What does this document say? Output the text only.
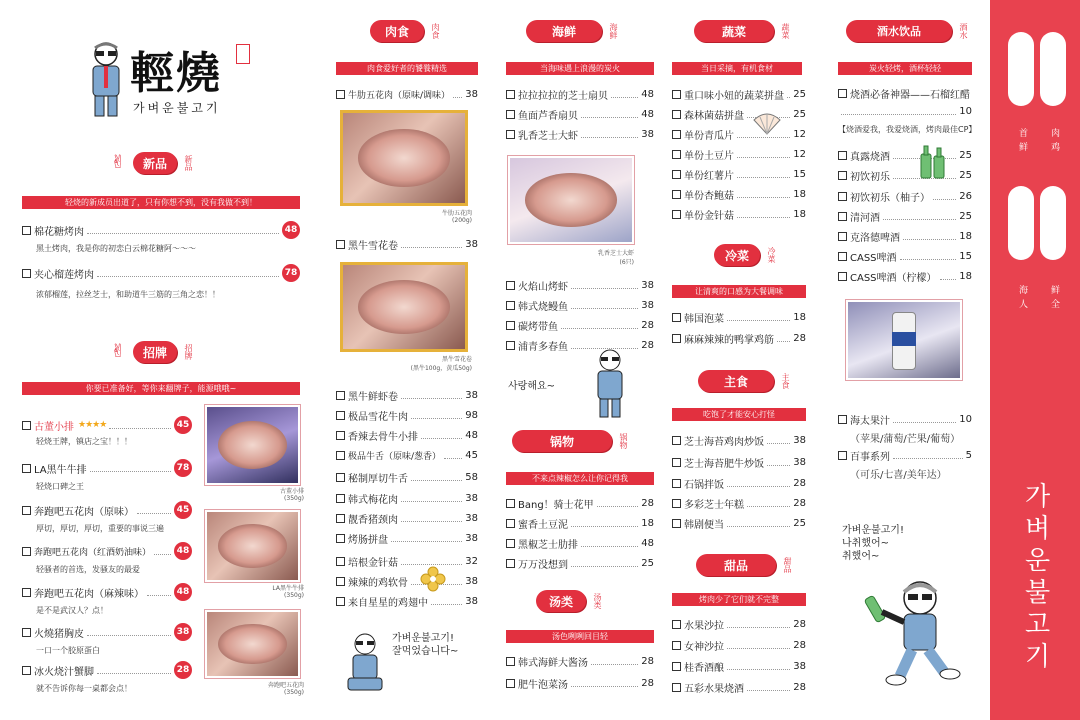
輕燒
가벼운불고기
✌	新品	新品
轻烧的新成员出道了，只有你想不到，没有我做不到！
棉花糖烤肉	48
黑土烤肉，我是你的初恋白云棉花糖阿～～～
夹心榴莲烤肉	78
浓郁榴莲，拉丝芝士，和助道牛三筋的三角之恋！！
✌	招牌	招牌
你要已准备好，等你来翻牌子，能源哦哦~
古董小排 ★★★★	45
轻烧王牌，镇店之宝！！！
LA黑牛牛排	78
轻烧口碑之王
奔跑吧五花肉（原味）	45
厚切，厚切，厚切，重要的事说三遍
奔跑吧五花肉（红酒奶油味）	48
轻骚者的首选，发骚友的最爱
奔跑吧五花肉（麻辣味）	48
是不是武汉人？点！
火燒猪胸皮	38
一口一个胶原蛋白
冰火烧汁蟹脚	28
就不告诉你每一桌都会点！
古董小排
(350g)
LA黑牛牛排
(350g)
奔跑吧五花肉
(350g)
肉食	肉食
肉食爱好者的饕餮精选
牛肋五花肉（原味/调味） 38
牛肋五花肉
(200g)
黑牛雪花卷	38
黑牛雪花卷
(黑牛100g，黄瓜50g)
黑牛鲜虾卷	38
极品雪花牛肉	98
香辣去骨牛小排	48
极品牛舌（原味/葱香） 45
秘制厚切牛舌	58
韩式梅花肉	38
靓香猪颈肉	38
烤肠拼盘	38
培根金针菇	32
辣辣的鸡软骨	38
来自星星的鸡翅中	38
가벼운불고기!
잘먹었습니다~
海鲜	海鲜
当海味遇上浪漫的炭火
拉拉拉拉的芝士扇贝	48
鱼面芦香扇贝	48
乳香芝士大虾	38
乳香芝士大虾
(6只)
火焰山烤虾	38
韩式烧鳗鱼	38
碳烤带鱼	28
浦青多春鱼	28
사랑해요~
锅物	锅物
不来点辣椒怎么让你记得我
Bang！骑士花甲	28
蜜香土豆泥	18
黑椒芝士肋排	48
万万没想到	25
汤类	汤类
汤色咧咧回目轻
韩式海鲜大酱汤	28
肥牛泡菜汤	28
蔬菜	蔬菜
当日采摘，有机食材
重口味小妞的蔬菜拼盘 25
森林菌菇拼盘	25
单份青瓜片	12
单份土豆片	12
单份红薯片	15
单份杏鲍菇	18
单份金针菇	18
冷菜	冷菜
让清爽的口感为大餐调味
韩国泡菜	18
麻麻辣辣的鸭掌鸡筋 28
主食	主食
吃饱了才能安心打怪
芝士海苔鸡肉炒饭	38
芝士海苔肥牛炒饭	38
石锅拌饭	28
多彩芝士年糕	28
韩剧便当	25
甜品	甜品
烤肉少了它们就不完整
水果沙拉	28
女神沙拉	28
桂香酒酿	38
五彩水果烧酒	28
酒水饮品	酒水
炭火轻烤，酒杯轻轻
烧酒必备神器——石榴红醋
10
【烧酒爱我，我爱烧酒，烤肉最佳CP】
真露烧酒	25
初饮初乐	25
初饮初乐（柚子）	26
清河酒	25
克洛德啤酒	18
CASS啤酒	15
CASS啤酒（柠檬） 18
海太果汁	10
（苹果/蒲萄/芒果/葡萄）
百事系列	5
（可乐/七喜/美年达）
가벼운불고기!
나취했어~
취했어~
首 鲜 肉 鸡
海 人 鲜 全
가벼운불고기
